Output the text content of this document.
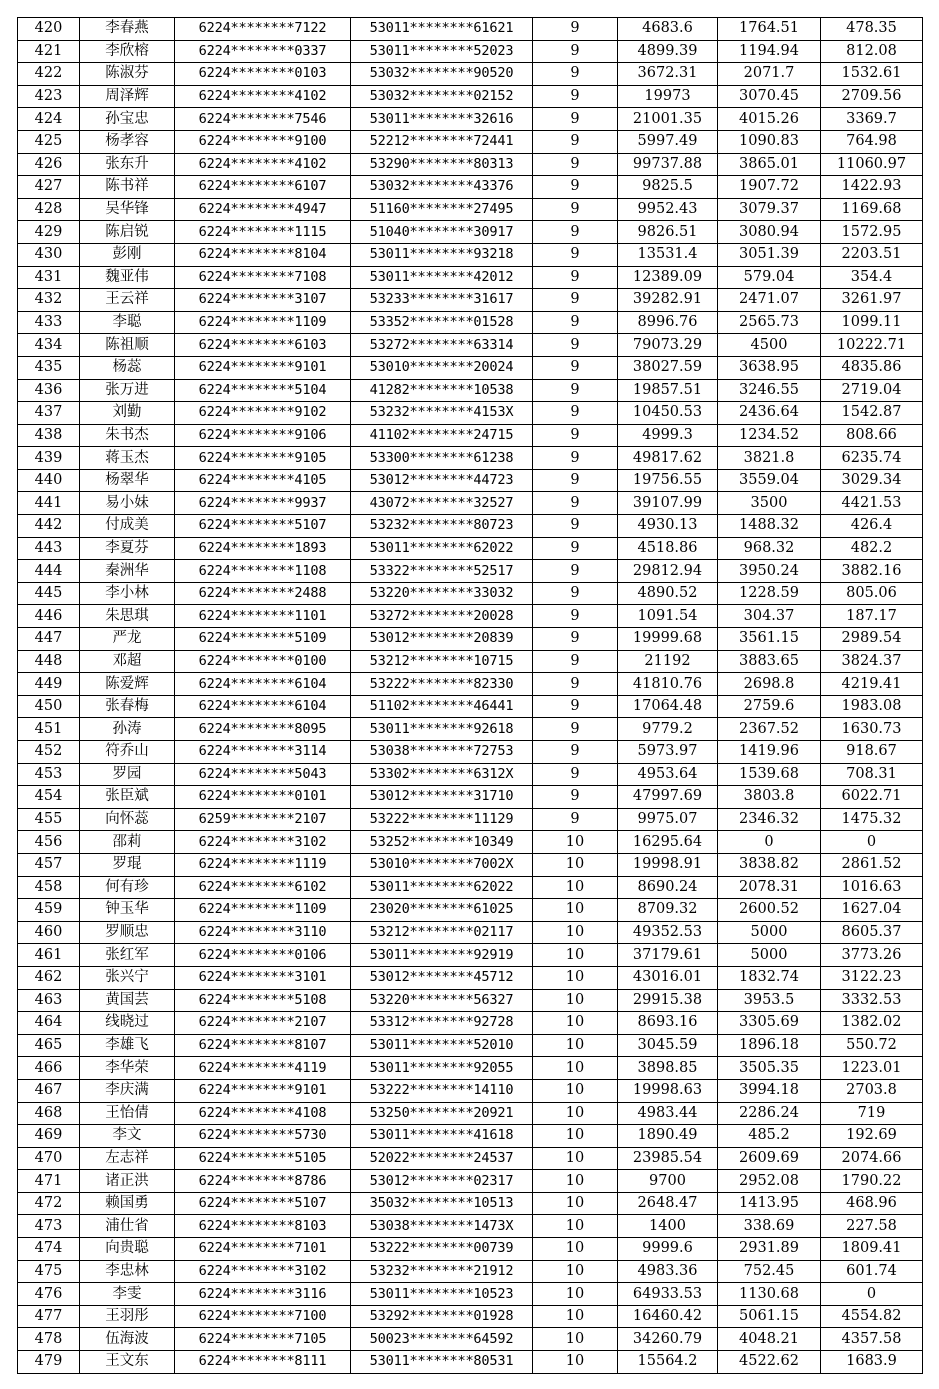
420	李春燕	6224********7122	53011********61621	9	4683.6	1764.51	478.35
421	李欣榕	6224********0337	53011********52023	9	4899.39	1194.94	812.08
422	陈淑芬	6224********0103	53032********90520	9	3672.31	2071.7	1532.61
423	周泽辉	6224********4102	53032********02152	9	19973	3070.45	2709.56
424	孙宝忠	6224********7546	53011********32616	9	21001.35	4015.26	3369.7
425	杨孝容	6224********9100	52212********72441	9	5997.49	1090.83	764.98
426	张东升	6224********4102	53290********80313	9	99737.88	3865.01	11060.97
427	陈书祥	6224********6107	53032********43376	9	9825.5	1907.72	1422.93
428	吴华锋	6224********4947	51160********27495	9	9952.43	3079.37	1169.68
429	陈启锐	6224********1115	51040********30917	9	9826.51	3080.94	1572.95
430	彭刚	6224********8104	53011********93218	9	13531.4	3051.39	2203.51
431	魏亚伟	6224********7108	53011********42012	9	12389.09	579.04	354.4
432	王云祥	6224********3107	53233********31617	9	39282.91	2471.07	3261.97
433	李聪	6224********1109	53352********01528	9	8996.76	2565.73	1099.11
434	陈祖顺	6224********6103	53272********63314	9	79073.29	4500	10222.71
435	杨蕊	6224********9101	53010********20024	9	38027.59	3638.95	4835.86
436	张万进	6224********5104	41282********10538	9	19857.51	3246.55	2719.04
437	刘勤	6224********9102	53232********4153X	9	10450.53	2436.64	1542.87
438	朱书杰	6224********9106	41102********24715	9	4999.3	1234.52	808.66
439	蒋玉杰	6224********9105	53300********61238	9	49817.62	3821.8	6235.74
440	杨翠华	6224********4105	53012********44723	9	19756.55	3559.04	3029.34
441	易小妹	6224********9937	43072********32527	9	39107.99	3500	4421.53
442	付成美	6224********5107	53232********80723	9	4930.13	1488.32	426.4
443	李夏芬	6224********1893	53011********62022	9	4518.86	968.32	482.2
444	秦洲华	6224********1108	53322********52517	9	29812.94	3950.24	3882.16
445	李小林	6224********2488	53220********33032	9	4890.52	1228.59	805.06
446	朱思琪	6224********1101	53272********20028	9	1091.54	304.37	187.17
447	严龙	6224********5109	53012********20839	9	19999.68	3561.15	2989.54
448	邓超	6224********0100	53212********10715	9	21192	3883.65	3824.37
449	陈爱辉	6224********6104	53222********82330	9	41810.76	2698.8	4219.41
450	张春梅	6224********6104	51102********46441	9	17064.48	2759.6	1983.08
451	孙涛	6224********8095	53011********92618	9	9779.2	2367.52	1630.73
452	符乔山	6224********3114	53038********72753	9	5973.97	1419.96	918.67
453	罗园	6224********5043	53302********6312X	9	4953.64	1539.68	708.31
454	张臣斌	6224********0101	53012********31710	9	47997.69	3803.8	6022.71
455	向怀蕊	6259********2107	53222********11129	9	9975.07	2346.32	1475.32
456	邵莉	6224********3102	53252********10349	10	16295.64	0	0
457	罗琨	6224********1119	53010********7002X	10	19998.91	3838.82	2861.52
458	何有珍	6224********6102	53011********62022	10	8690.24	2078.31	1016.63
459	钟玉华	6224********1109	23020********61025	10	8709.32	2600.52	1627.04
460	罗顺忠	6224********3110	53212********02117	10	49352.53	5000	8605.37
461	张红军	6224********0106	53011********92919	10	37179.61	5000	3773.26
462	张兴宁	6224********3101	53012********45712	10	43016.01	1832.74	3122.23
463	黄国芸	6224********5108	53220********56327	10	29915.38	3953.5	3332.53
464	线晓过	6224********2107	53312********92728	10	8693.16	3305.69	1382.02
465	李雄飞	6224********8107	53011********52010	10	3045.59	1896.18	550.72
466	李华荣	6224********4119	53011********92055	10	3898.85	3505.35	1223.01
467	李庆满	6224********9101	53222********14110	10	19998.63	3994.18	2703.8
468	王怡倩	6224********4108	53250********20921	10	4983.44	2286.24	719
469	李文	6224********5730	53011********41618	10	1890.49	485.2	192.69
470	左志祥	6224********5105	52022********24537	10	23985.54	2609.69	2074.66
471	诸正洪	6224********8786	53012********02317	10	9700	2952.08	1790.22
472	赖国勇	6224********5107	35032********10513	10	2648.47	1413.95	468.96
473	浦仕省	6224********8103	53038********1473X	10	1400	338.69	227.58
474	向贵聪	6224********7101	53222********00739	10	9999.6	2931.89	1809.41
475	李忠林	6224********3102	53232********21912	10	4983.36	752.45	601.74
476	李雯	6224********3116	53011********10523	10	64933.53	1130.68	0
477	王羽彤	6224********7100	53292********01928	10	16460.42	5061.15	4554.82
478	伍海波	6224********7105	50023********64592	10	34260.79	4048.21	4357.58
479	王文东	6224********8111	53011********80531	10	15564.2	4522.62	1683.9
